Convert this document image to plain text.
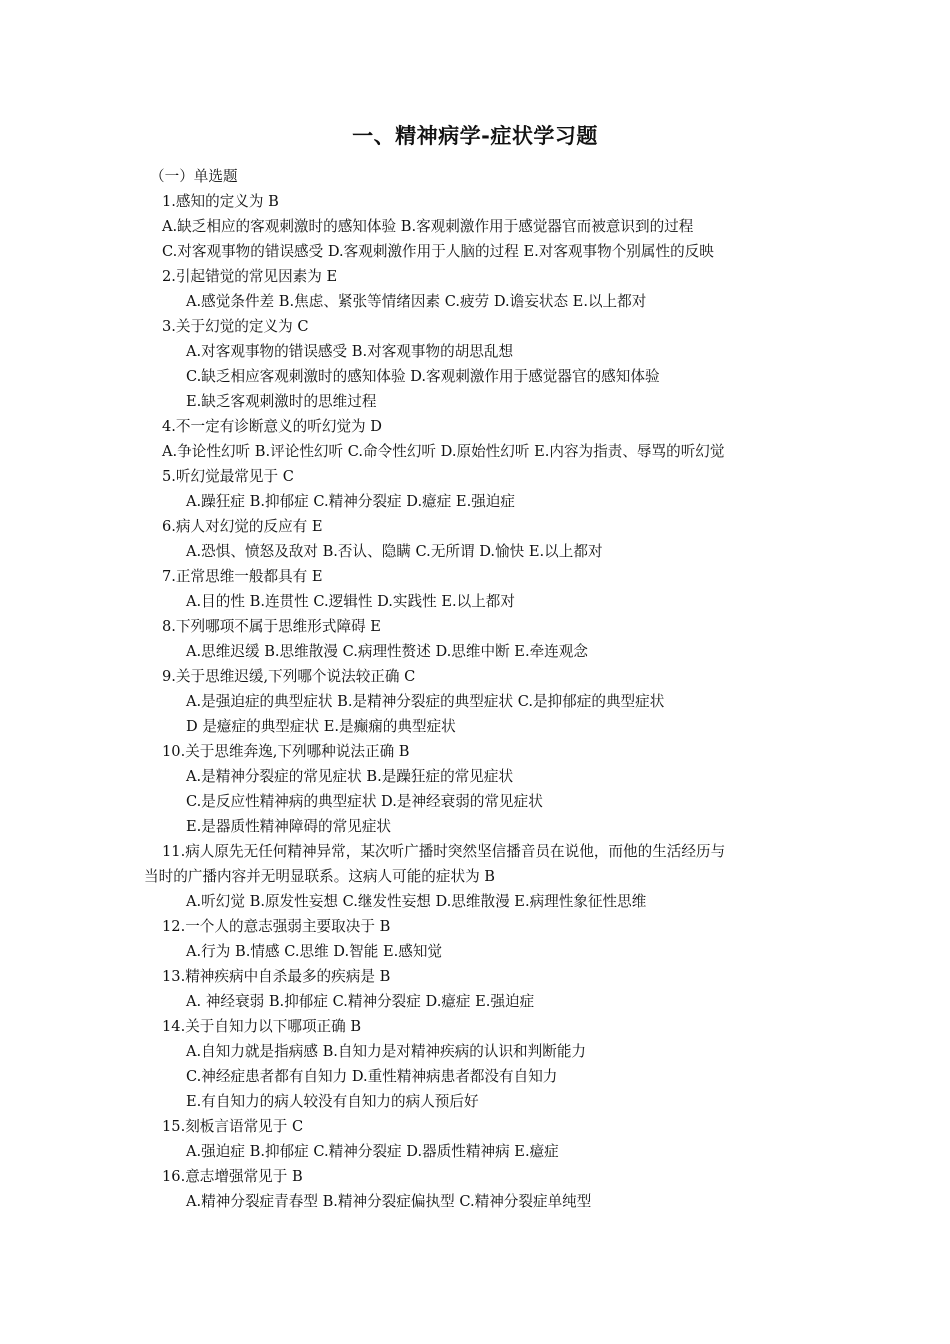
一、精神病学-症状学习题
（一）单选题
1.感知的定义为 B
A.缺乏相应的客观刺激时的感知体验 B.客观刺激作用于感觉器官而被意识到的过程
C.对客观事物的错误感受 D.客观刺激作用于人脑的过程 E.对客观事物个别属性的反映
2.引起错觉的常见因素为 E
A.感觉条件差 B.焦虑、紧张等情绪因素 C.疲劳 D.谵妄状态 E.以上都对
3.关于幻觉的定义为 C
A.对客观事物的错误感受 B.对客观事物的胡思乱想
C.缺乏相应客观刺激时的感知体验 D.客观刺激作用于感觉器官的感知体验
E.缺乏客观刺激时的思维过程
4.不一定有诊断意义的听幻觉为 D
A.争论性幻听 B.评论性幻听 C.命令性幻听 D.原始性幻听 E.内容为指责、辱骂的听幻觉
5.听幻觉最常见于 C
A.躁狂症 B.抑郁症 C.精神分裂症 D.癔症 E.强迫症
6.病人对幻觉的反应有 E
A.恐惧、愤怒及敌对 B.否认、隐瞒 C.无所谓 D.愉快 E.以上都对
7.正常思维一般都具有 E
A.目的性 B.连贯性 C.逻辑性 D.实践性 E.以上都对
8.下列哪项不属于思维形式障碍 E
A.思维迟缓 B.思维散漫 C.病理性赘述 D.思维中断 E.牵连观念
9.关于思维迟缓,下列哪个说法较正确 C
A.是强迫症的典型症状 B.是精神分裂症的典型症状 C.是抑郁症的典型症状
D 是癔症的典型症状 E.是癫痫的典型症状
10.关于思维奔逸,下列哪种说法正确 B
A.是精神分裂症的常见症状 B.是躁狂症的常见症状
C.是反应性精神病的典型症状 D.是神经衰弱的常见症状
E.是器质性精神障碍的常见症状
11.病人原先无任何精神异常，某次听广播时突然坚信播音员在说他，而他的生活经历与
当时的广播内容并无明显联系。这病人可能的症状为 B
A.听幻觉 B.原发性妄想 C.继发性妄想 D.思维散漫 E.病理性象征性思维
12.一个人的意志强弱主要取决于 B
A.行为 B.情感 C.思维 D.智能 E.感知觉
13.精神疾病中自杀最多的疾病是 B
A. 神经衰弱 B.抑郁症 C.精神分裂症 D.癔症 E.强迫症
14.关于自知力以下哪项正确 B
A.自知力就是指病感 B.自知力是对精神疾病的认识和判断能力
C.神经症患者都有自知力 D.重性精神病患者都没有自知力
E.有自知力的病人较没有自知力的病人预后好
15.刻板言语常见于 C
A.强迫症 B.抑郁症 C.精神分裂症 D.器质性精神病 E.癔症
16.意志增强常见于 B
A.精神分裂症青春型 B.精神分裂症偏执型 C.精神分裂症单纯型
